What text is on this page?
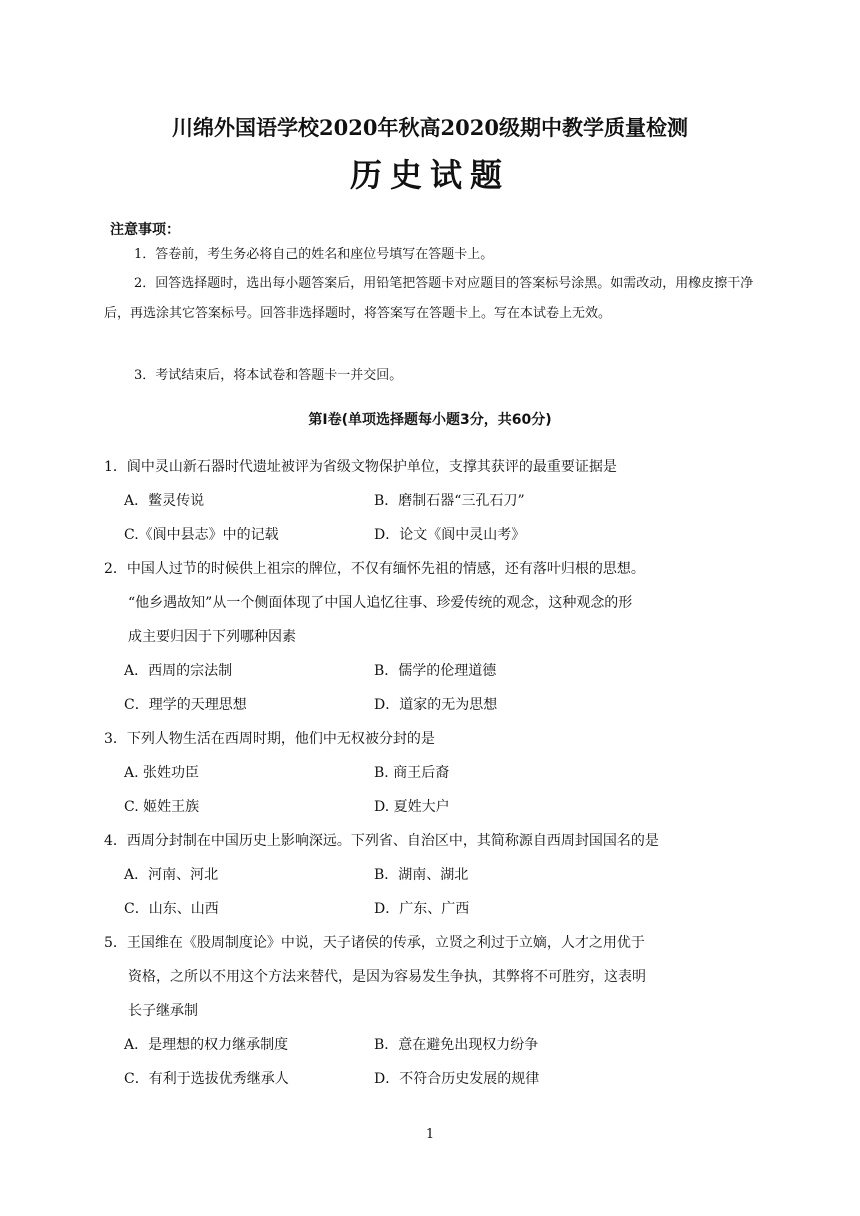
川绵外国语学校2020年秋高2020级期中教学质量检测
历史试题
注意事项：
1．答卷前，考生务必将自己的姓名和座位号填写在答题卡上。
2．回答选择题时，选出每小题答案后，用铅笔把答题卡对应题目的答案标号涂黑。如需改动，用橡皮擦干净后，再选涂其它答案标号。回答非选择题时，将答案写在答题卡上。写在本试卷上无效。
3．考试结束后，将本试卷和答题卡一并交回。
第Ⅰ卷(单项选择题每小题3分，共60分)
1．阆中灵山新石器时代遗址被评为省级文物保护单位，支撑其获评的最重要证据是
A．鳖灵传说	B．磨制石器“三孔石刀”
C.《阆中县志》中的记载	D．论文《阆中灵山考》
2．中国人过节的时候供上祖宗的牌位，不仅有缅怀先祖的情感，还有落叶归根的思想。
“他乡遇故知”从一个侧面体现了中国人追忆往事、珍爱传统的观念，这种观念的形
成主要归因于下列哪种因素
A．西周的宗法制	B．儒学的伦理道德
C．理学的天理思想	D．道家的无为思想
3．下列人物生活在西周时期，他们中无权被分封的是
A. 张姓功臣	B. 商王后裔
C. 姬姓王族	D. 夏姓大户
4．西周分封制在中国历史上影响深远。下列省、自治区中，其简称源自西周封国国名的是
A．河南、河北	B．湖南、湖北
C．山东、山西	D．广东、广西
5．王国维在《股周制度论》中说，天子诸侯的传承，立贤之利过于立嫡，人才之用优于
资格，之所以不用这个方法来替代，是因为容易发生争执，其弊将不可胜穷，这表明
长子继承制
A．是理想的权力继承制度	B．意在避免出现权力纷争
C．有利于选拔优秀继承人	D．不符合历史发展的规律
1
